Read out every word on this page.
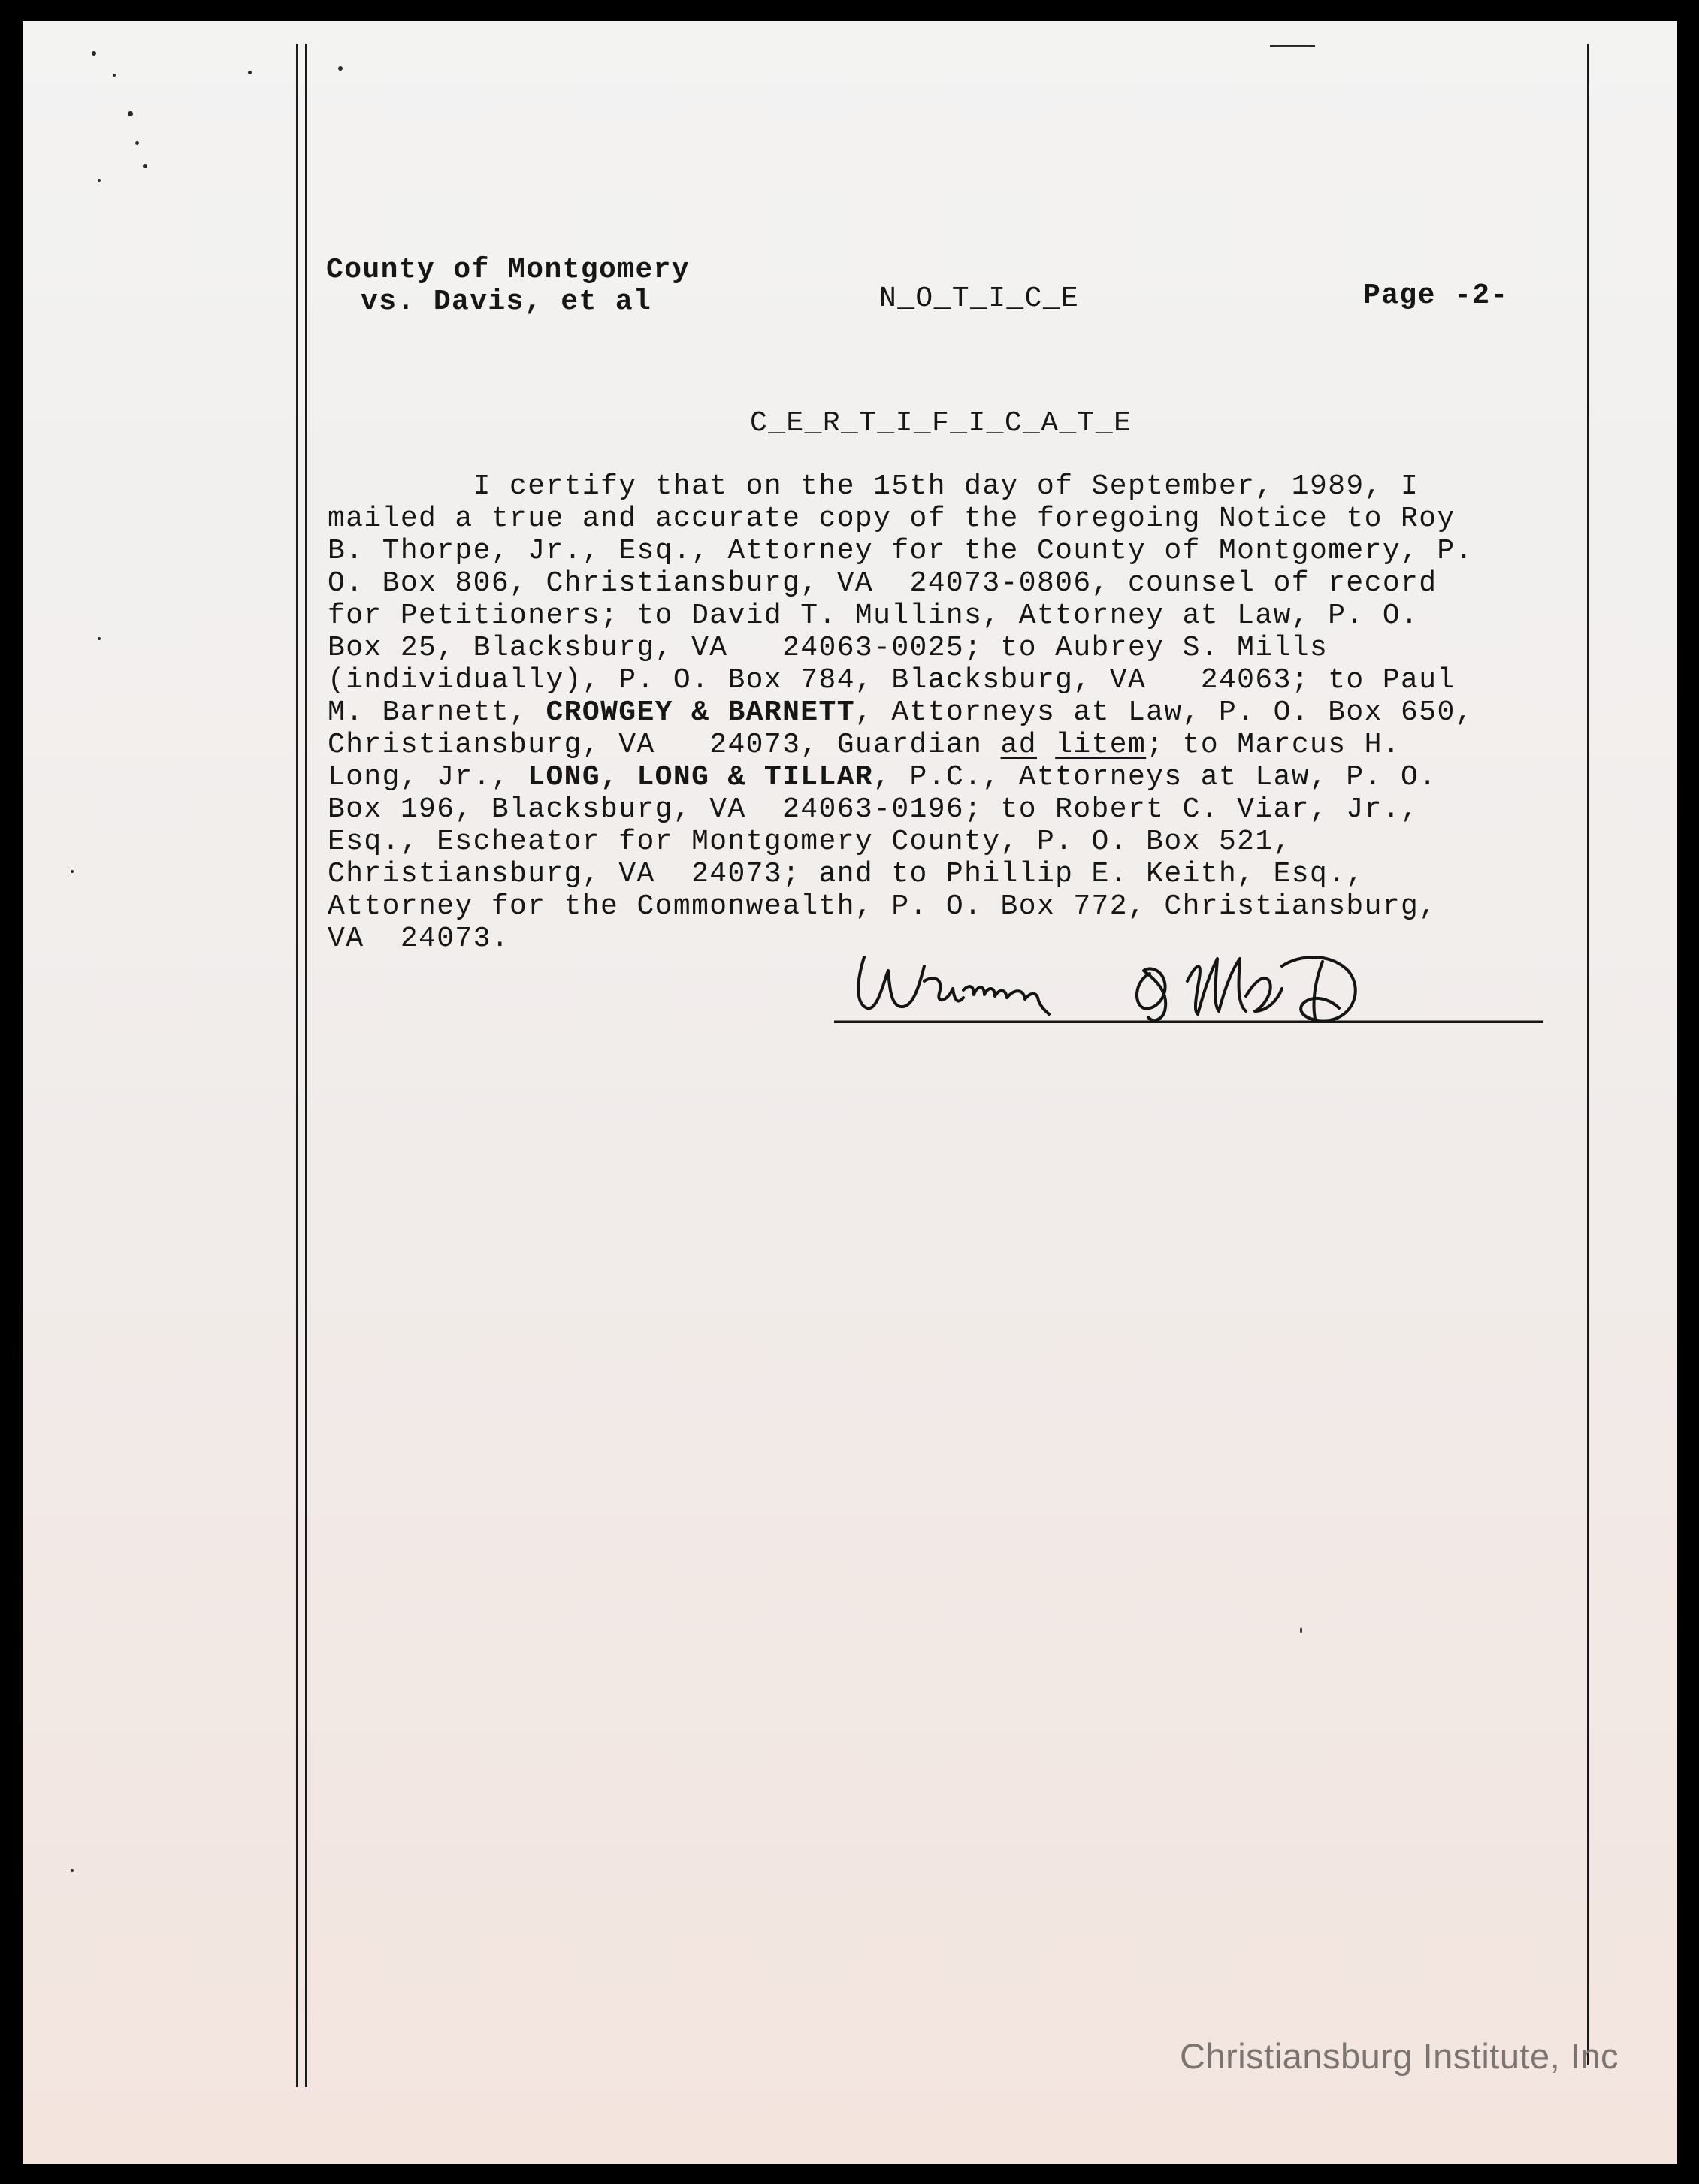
County of Montgomery
vs. Davis, et al	N_O_T_I_C_E	Page -2-
C_E_R_T_I_F_I_C_A_T_E
I certify that on the 15th day of September, 1989, I
mailed a true and accurate copy of the foregoing Notice to Roy
B. Thorpe, Jr., Esq., Attorney for the County of Montgomery, P.
O. Box 806, Christiansburg, VA  24073-0806, counsel of record
for Petitioners; to David T. Mullins, Attorney at Law, P. O.
Box 25, Blacksburg, VA   24063-0025; to Aubrey S. Mills
(individually), P. O. Box 784, Blacksburg, VA   24063; to Paul
M. Barnett, CROWGEY & BARNETT, Attorneys at Law, P. O. Box 650,
Christiansburg, VA   24073, Guardian ad litem; to Marcus H.
Long, Jr., LONG, LONG & TILLAR, P.C., Attorneys at Law, P. O.
Box 196, Blacksburg, VA  24063-0196; to Robert C. Viar, Jr.,
Esq., Escheator for Montgomery County, P. O. Box 521,
Christiansburg, VA  24073; and to Phillip E. Keith, Esq.,
Attorney for the Commonwealth, P. O. Box 772, Christiansburg,
VA  24073.
Christiansburg Institute, Inc
